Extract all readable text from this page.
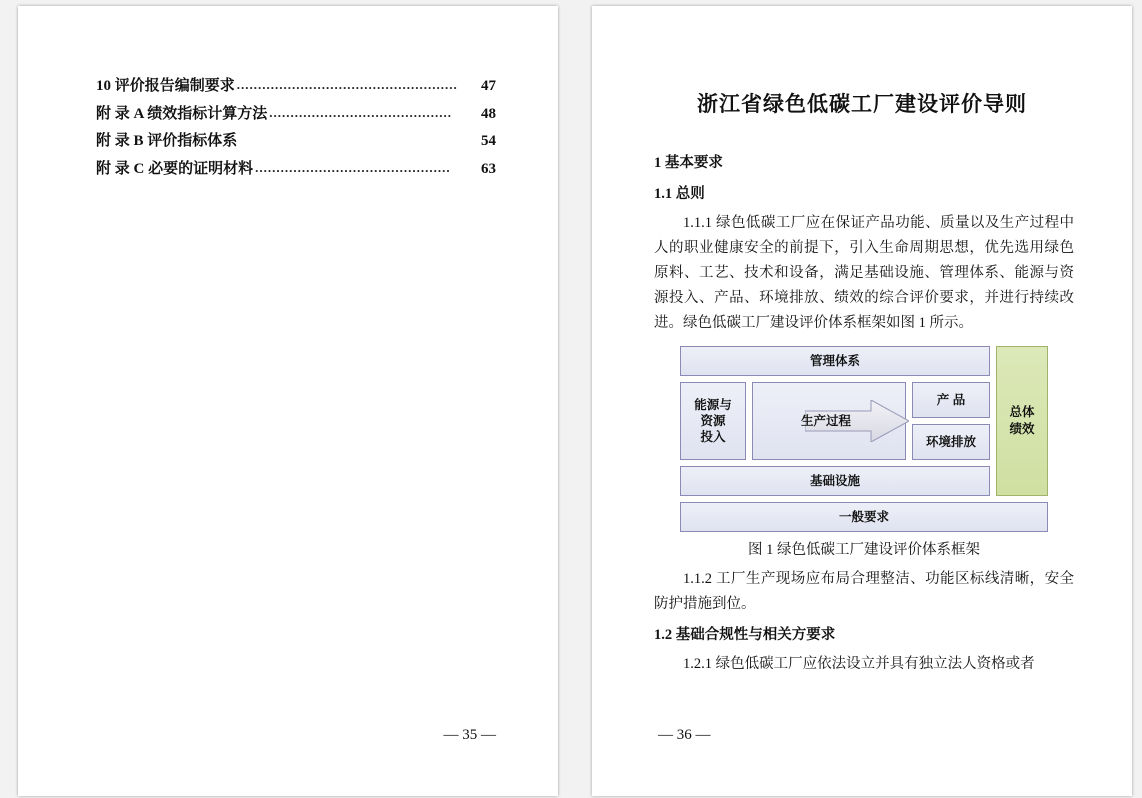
10 评价报告编制要求 ....................................................	47
附 录 A 绩效指标计算方法 ...........................................	48
附 录 B 评价指标体系	54
附 录 C 必要的证明材料 ..............................................	63
— 35 —
浙江省绿色低碳工厂建设评价导则
1 基本要求
1.1 总则

1.1.1 绿色低碳工厂应在保证产品功能、质量以及生产过程中人的职业健康安全的前提下，引入生命周期思想，优先选用绿色原料、工艺、技术和设备，满足基础设施、管理体系、能源与资源投入、产品、环境排放、绩效的综合评价要求，并进行持续改进。绿色低碳工厂建设评价体系框架如图 1 所示。

管理体系
能源与
资源
投入
生产过程
产 品
环境排放
基础设施
总体
绩效
一般要求
图 1 绿色低碳工厂建设评价体系框架

1.1.2 工厂生产现场应布局合理整洁、功能区标线清晰，安全防护措施到位。

1.2 基础合规性与相关方要求

1.2.1 绿色低碳工厂应依法设立并具有独立法人资格或者

— 36 —
